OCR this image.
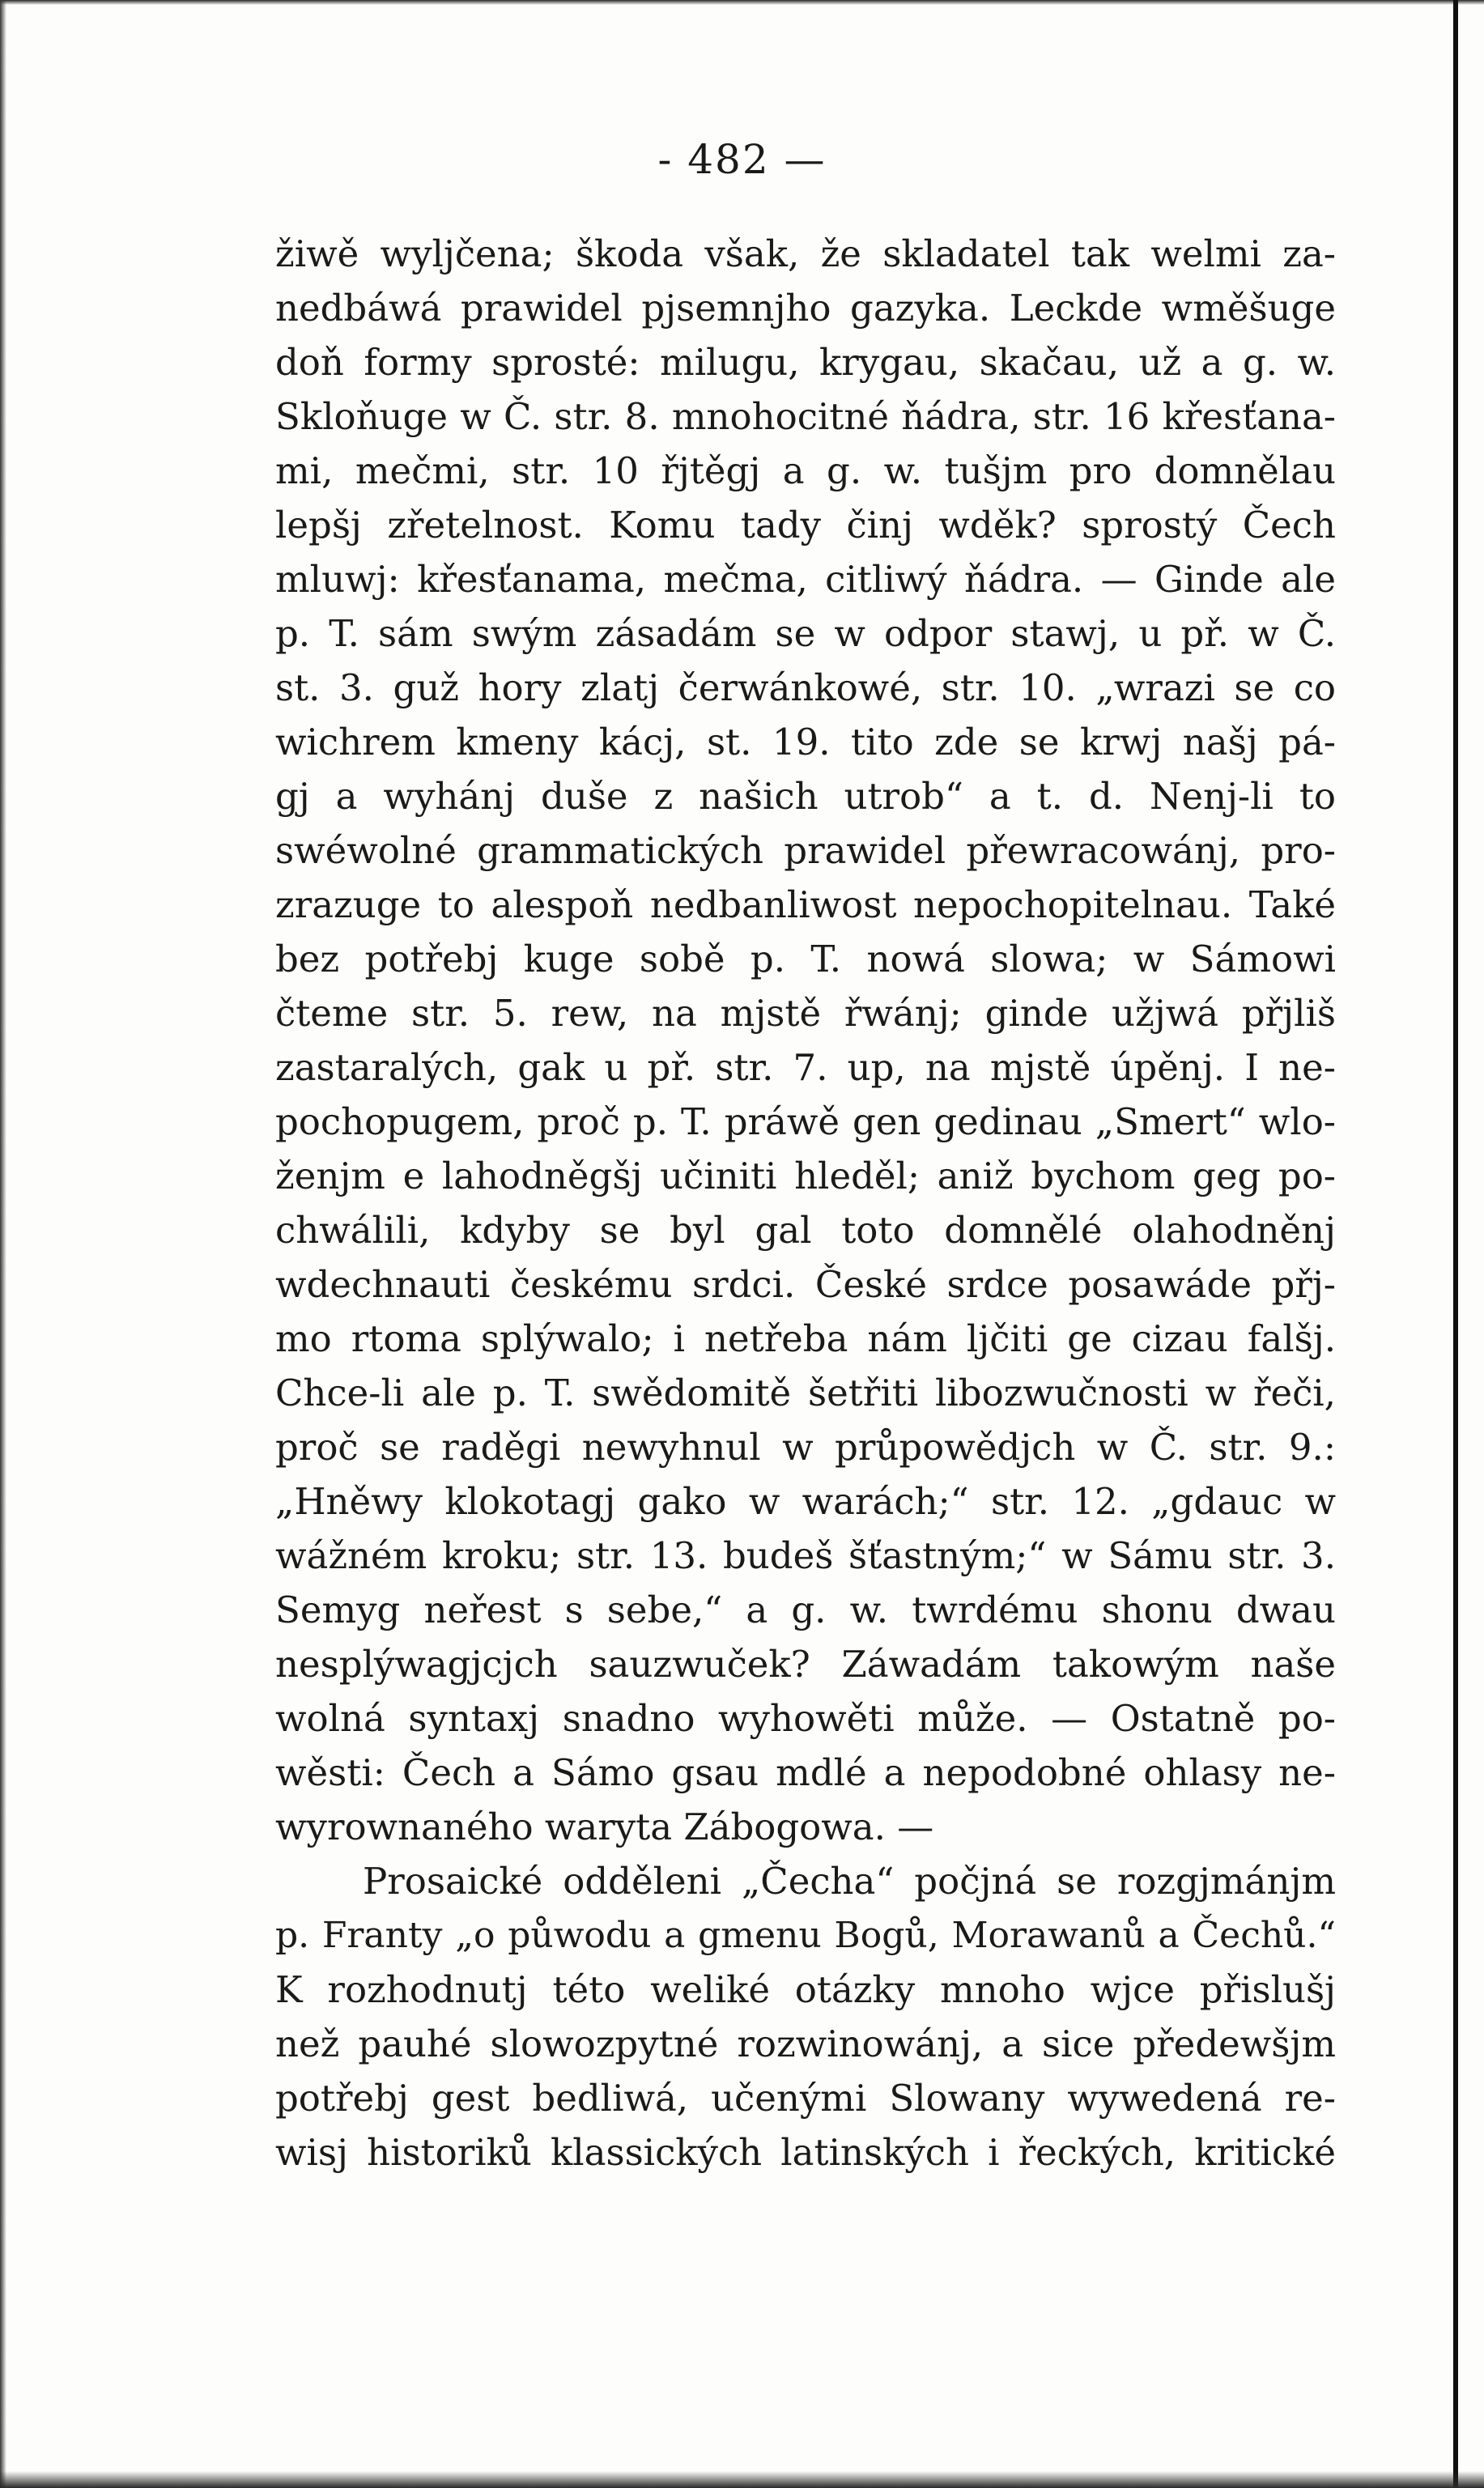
- 482 —
žiwě wyljčena; škoda však, že skladatel tak welmi za-
nedbáwá prawidel pjsemnjho gazyka. Leckde wměšuge
doň formy sprosté: milugu, krygau, skačau, už a g. w.
Skloňuge w Č. str. 8. mnohocitné ňádra, str. 16 křesťana-
mi, mečmi, str. 10 řjtěgj a g. w. tušjm pro domnělau
lepšj zřetelnost. Komu tady činj wděk? sprostý Čech
mluwj: křesťanama, mečma, citliwý ňádra. — Ginde ale
p. T. sám swým zásadám se w odpor stawj, u př. w Č.
st. 3. guž hory zlatj čerwánkowé, str. 10. „wrazi se co
wichrem kmeny kácj, st. 19. tito zde se krwj našj pá-
gj a wyhánj duše z našich utrob“ a t. d. Nenj-li to
swéwolné grammatických prawidel přewracowánj, pro-
zrazuge to alespoň nedbanliwost nepochopitelnau. Také
bez potřebj kuge sobě p. T. nowá slowa; w Sámowi
čteme str. 5. rew, na mjstě řwánj; ginde užjwá přjliš
zastaralých, gak u př. str. 7. up, na mjstě úpěnj. I ne-
pochopugem, proč p. T. práwě gen gedinau „Smert“ wlo-
ženjm e lahodněgšj učiniti hleděl; aniž bychom geg po-
chwálili, kdyby se byl gal toto domnělé olahodněnj
wdechnauti českému srdci. České srdce posawáde přj-
mo rtoma splýwalo; i netřeba nám ljčiti ge cizau falšj.
Chce-li ale p. T. swědomitě šetřiti libozwučnosti w řeči,
proč se raděgi newyhnul w průpowědjch w Č. str. 9.:
„Hněwy klokotagj gako w warách;“ str. 12. „gdauc w
wážném kroku; str. 13. budeš šťastným;“ w Sámu str. 3.
Semyg neřest s sebe,“ a g. w. twrdému shonu dwau
nesplýwagjcjch sauzwuček? Záwadám takowým naše
wolná syntaxj snadno wyhowěti může. — Ostatně po-
wěsti: Čech a Sámo gsau mdlé a nepodobné ohlasy ne-
wyrownaného waryta Zábogowa. —
Prosaické odděleni „Čecha“ počjná se rozgjmánjm
p. Franty „o půwodu a gmenu Bogů, Morawanů a Čechů.“
K rozhodnutj této weliké otázky mnoho wjce přislušj
než pauhé slowozpytné rozwinowánj, a sice předewšjm
potřebj gest bedliwá, učenými Slowany wywedená re-
wisj historiků klassických latinských i řeckých, kritické
